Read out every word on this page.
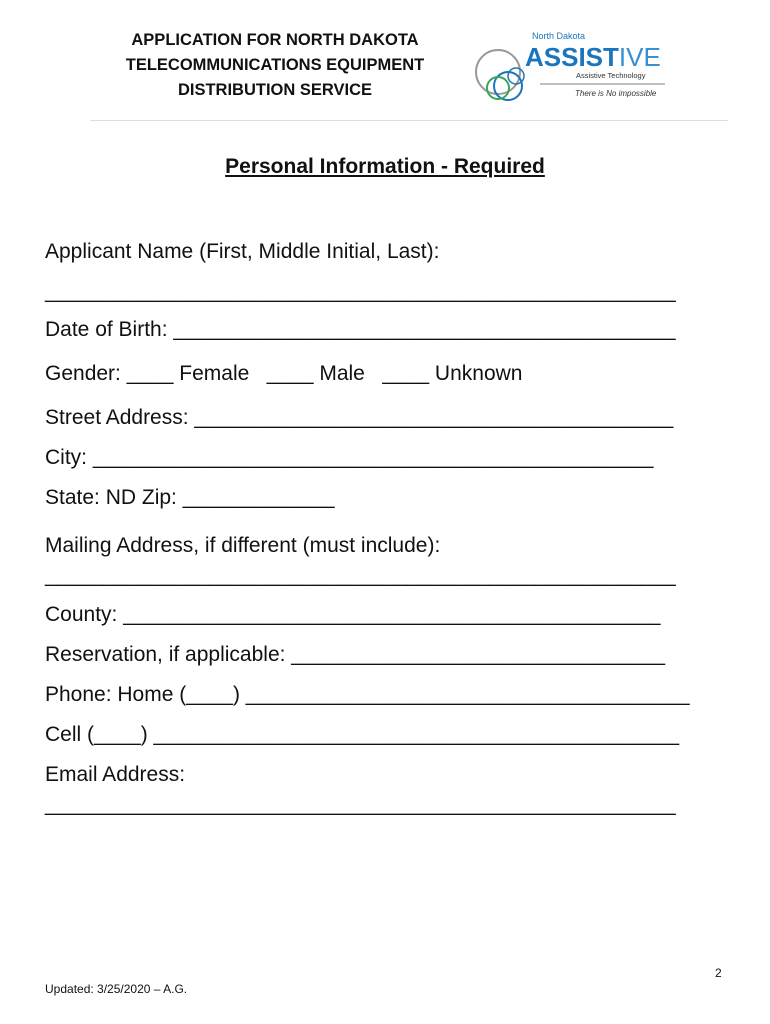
APPLICATION FOR NORTH DAKOTA
TELECOMMUNICATIONS EQUIPMENT
DISTRIBUTION SERVICE
North Dakota
ASSISTIVE
Assistive Technology
There is No impossible
Personal Information - Required
Applicant Name (First, Middle Initial, Last):
______________________________________________________
Date of Birth: ___________________________________________
Gender: ____ Female   ____ Male   ____ Unknown
Street Address: _________________________________________
City: ________________________________________________
State: ND Zip: _____________
Mailing Address, if different (must include):
______________________________________________________
County: ______________________________________________
Reservation, if applicable: ________________________________
Phone: Home (____) ______________________________________
Cell (____) _____________________________________________
Email Address:
______________________________________________________
2
Updated: 3/25/2020 – A.G.
